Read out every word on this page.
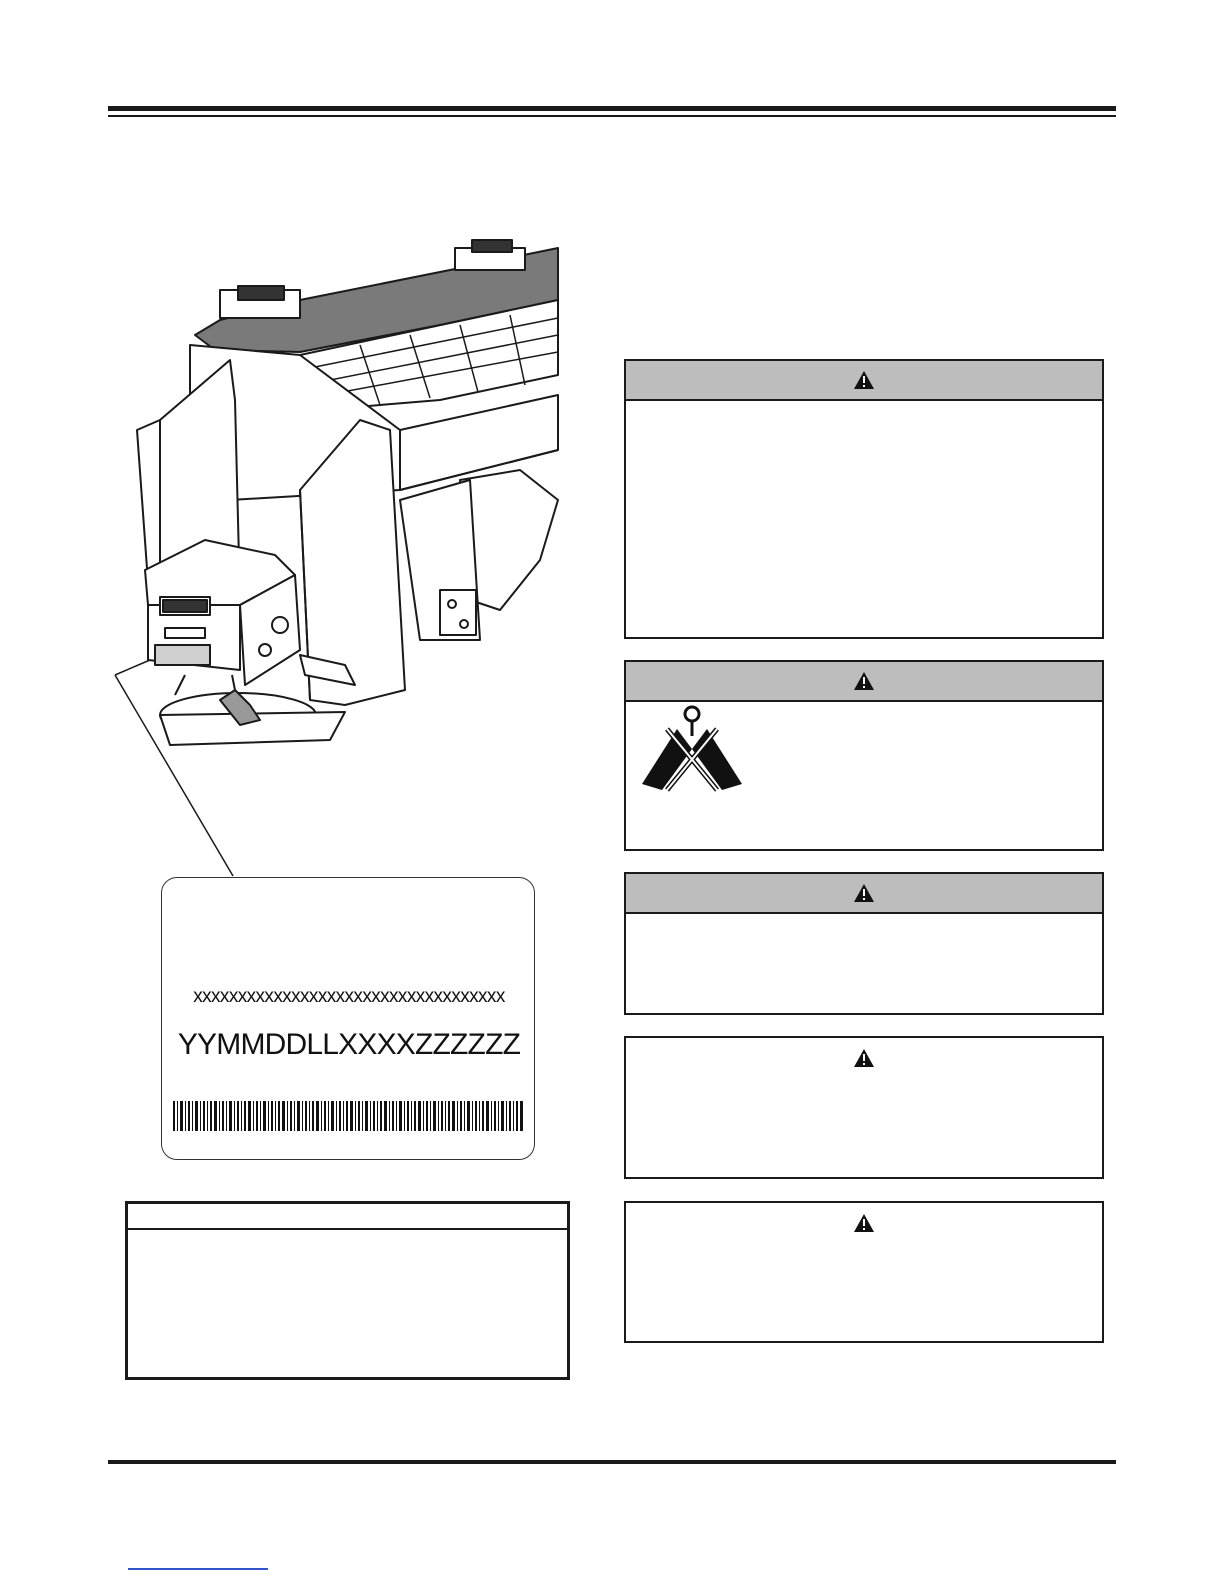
xxxxxxxxxxxxxxxxxxxxxxxxxxxxxxxxxxx
YYMMDDLLXXXXZZZZZZ
